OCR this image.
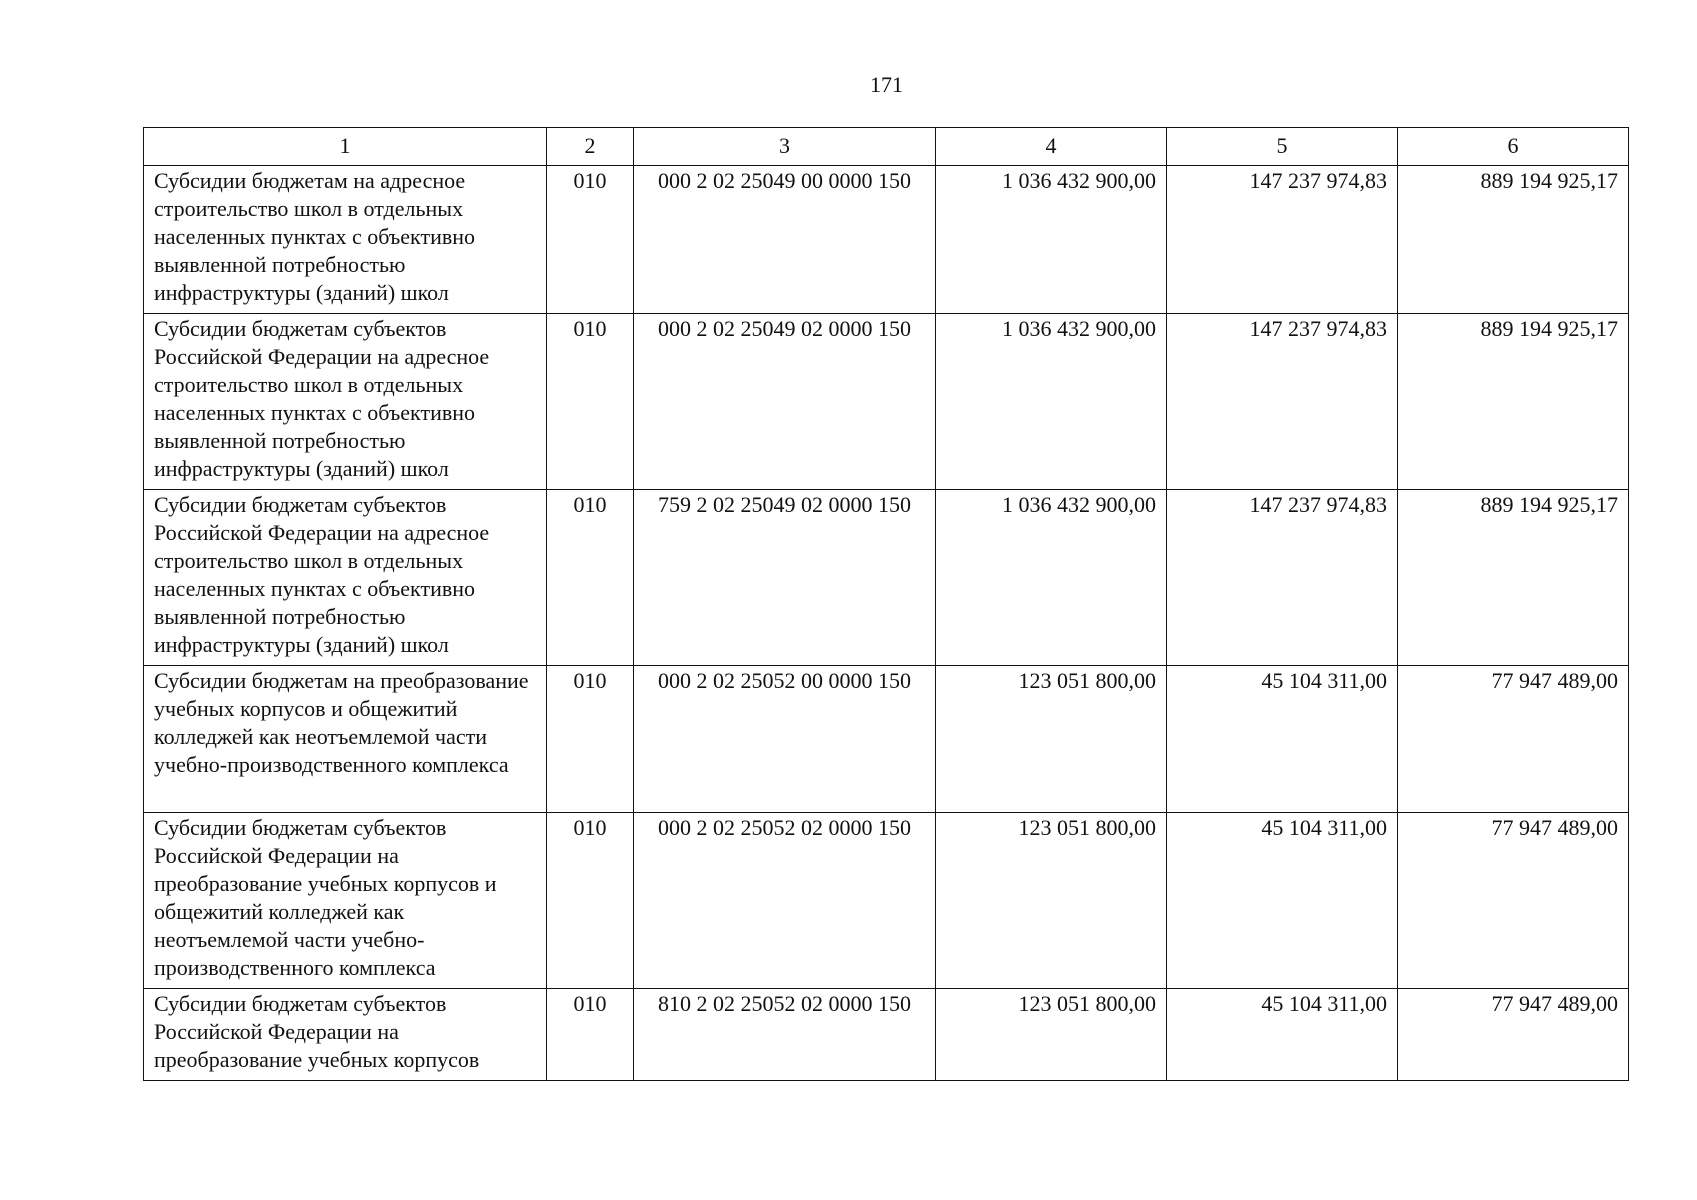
171
1	2	3	4	5	6
Субсидии бюджетам на адресное строительство школ в отдельных населенных пунктах с объективно выявленной потребностью инфраструктуры (зданий) школ	010	000 2 02 25049 00 0000 150	1 036 432 900,00	147 237 974,83	889 194 925,17
Субсидии бюджетам субъектов Российской Федерации на адресное строительство школ в отдельных населенных пунктах с объективно выявленной потребностью инфраструктуры (зданий) школ	010	000 2 02 25049 02 0000 150	1 036 432 900,00	147 237 974,83	889 194 925,17
Субсидии бюджетам субъектов Российской Федерации на адресное строительство школ в отдельных населенных пунктах с объективно выявленной потребностью инфраструктуры (зданий) школ	010	759 2 02 25049 02 0000 150	1 036 432 900,00	147 237 974,83	889 194 925,17
Субсидии бюджетам на преобразование учебных корпусов и общежитий колледжей как неотъемлемой части учебно-производственного комплекса	010	000 2 02 25052 00 0000 150	123 051 800,00	45 104 311,00	77 947 489,00
Субсидии бюджетам субъектов Российской Федерации на преобразование учебных корпусов и общежитий колледжей как неотъемлемой части учебно-производственного комплекса	010	000 2 02 25052 02 0000 150	123 051 800,00	45 104 311,00	77 947 489,00
Субсидии бюджетам субъектов Российской Федерации на преобразование учебных корпусов	010	810 2 02 25052 02 0000 150	123 051 800,00	45 104 311,00	77 947 489,00
